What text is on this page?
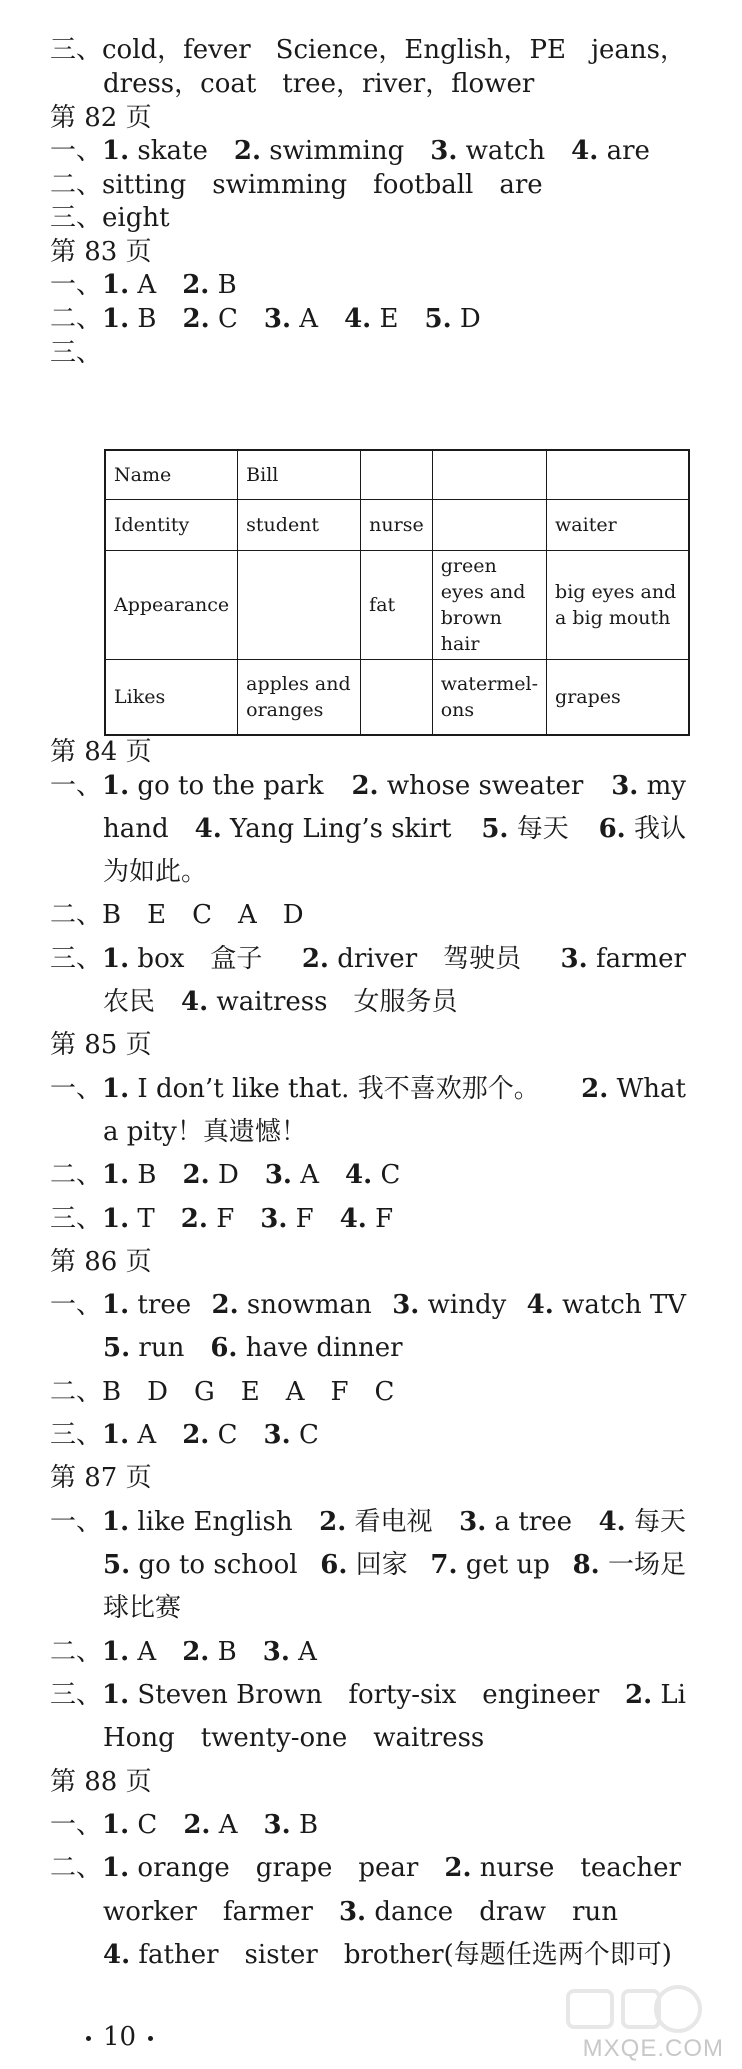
三、cold，fever Science，English，PE jeans，
dress，coat　tree，river，flower
第 82 页
一、1. skate 2. swimming 3. watch 4. are
二、sitting　swimming　football　are
三、eight
第 83 页
一、1. A 2. B
二、1. B 2. C 3. A 4. E 5. D
三、
Name	Bill			
Identity	student	nurse		waiter
Appearance		fat	green eyes and brown hair	big eyes and a big mouth
Likes	apples and oranges		watermel-ons	grapes
第 84 页
一、1. go to the park 2. whose sweater 3. my
hand 4. Yang Ling’s skirt 5. 每天 6. 我认
为如此。
二、B　E　C　A　D
三、1. box　盒子 2. driver　驾驶员 3. farmer
农民 4. waitress　女服务员
第 85 页
一、1. I don’t like that. 我不喜欢那个。 2. What
a pity！真遗憾！
二、1. B 2. D 3. A 4. C
三、1. T 2. F 3. F 4. F
第 86 页
一、1. tree 2. snowman 3. windy 4. watch TV
5. run 6. have dinner
二、B　D　G　E　A　F　C
三、1. A 2. C 3. C
第 87 页
一、1. like English 2. 看电视 3. a tree 4. 每天
5. go to school 6. 回家 7. get up 8. 一场足
球比赛
二、1. A 2. B 3. A
三、1. Steven Brown　forty-six　engineer 2. Li
Hong　twenty-one　waitress
第 88 页
一、1. C 2. A 3. B
二、1. orange　grape　pear 2. nurse　teacher
worker　farmer 3. dance　draw　run
4. father　sister　brother(每题任选两个即可)
10	MXQE.COM
